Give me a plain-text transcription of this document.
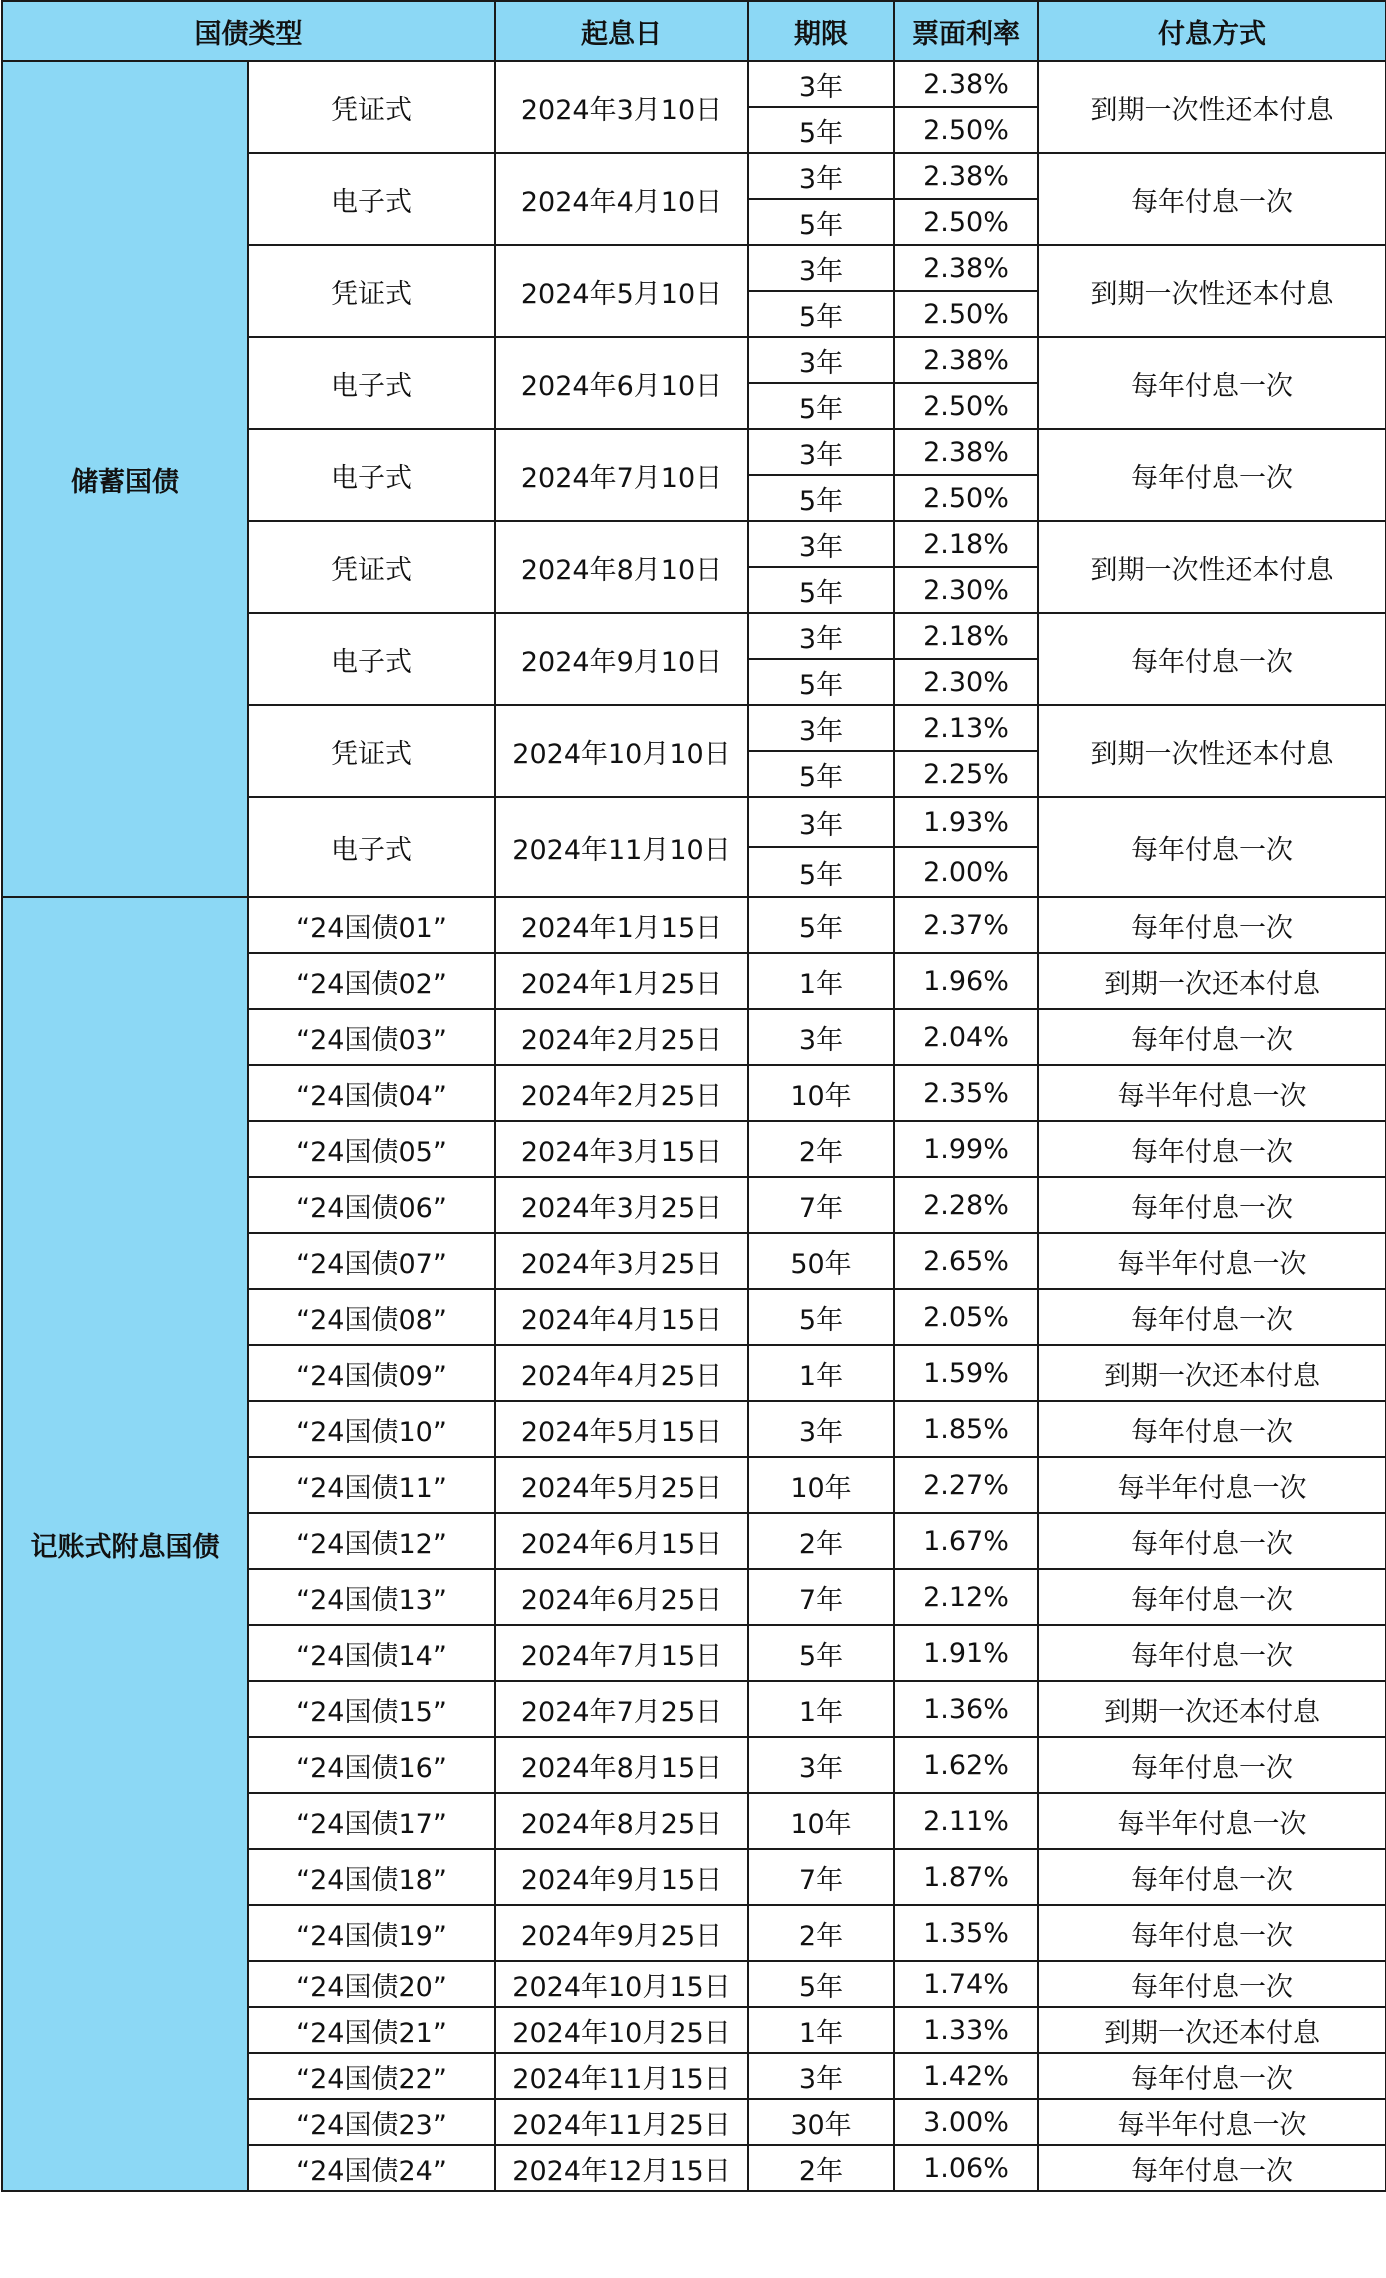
国债类型		起息日	期限	票面利率	付息方式
储蓄国债	凭证式	2024年3月10日	3年	2.38%	到期一次性还本付息
			5年	2.50%	
	电子式	2024年4月10日	3年	2.38%	每年付息一次
			5年	2.50%	
	凭证式	2024年5月10日	3年	2.38%	到期一次性还本付息
			5年	2.50%	
	电子式	2024年6月10日	3年	2.38%	每年付息一次
			5年	2.50%	
	电子式	2024年7月10日	3年	2.38%	每年付息一次
			5年	2.50%	
	凭证式	2024年8月10日	3年	2.18%	到期一次性还本付息
			5年	2.30%	
	电子式	2024年9月10日	3年	2.18%	每年付息一次
			5年	2.30%	
	凭证式	2024年10月10日	3年	2.13%	到期一次性还本付息
			5年	2.25%	
	电子式	2024年11月10日	3年	1.93%	每年付息一次
			5年	2.00%	
记账式附息国债	“24国债01”	2024年1月15日	5年	2.37%	每年付息一次
	“24国债02”	2024年1月25日	1年	1.96%	到期一次还本付息
	“24国债03”	2024年2月25日	3年	2.04%	每年付息一次
	“24国债04”	2024年2月25日	10年	2.35%	每半年付息一次
	“24国债05”	2024年3月15日	2年	1.99%	每年付息一次
	“24国债06”	2024年3月25日	7年	2.28%	每年付息一次
	“24国债07”	2024年3月25日	50年	2.65%	每半年付息一次
	“24国债08”	2024年4月15日	5年	2.05%	每年付息一次
	“24国债09”	2024年4月25日	1年	1.59%	到期一次还本付息
	“24国债10”	2024年5月15日	3年	1.85%	每年付息一次
	“24国债11”	2024年5月25日	10年	2.27%	每半年付息一次
	“24国债12”	2024年6月15日	2年	1.67%	每年付息一次
	“24国债13”	2024年6月25日	7年	2.12%	每年付息一次
	“24国债14”	2024年7月15日	5年	1.91%	每年付息一次
	“24国债15”	2024年7月25日	1年	1.36%	到期一次还本付息
	“24国债16”	2024年8月15日	3年	1.62%	每年付息一次
	“24国债17”	2024年8月25日	10年	2.11%	每半年付息一次
	“24国债18”	2024年9月15日	7年	1.87%	每年付息一次
	“24国债19”	2024年9月25日	2年	1.35%	每年付息一次
	“24国债20”	2024年10月15日	5年	1.74%	每年付息一次
	“24国债21”	2024年10月25日	1年	1.33%	到期一次还本付息
	“24国债22”	2024年11月15日	3年	1.42%	每年付息一次
	“24国债23”	2024年11月25日	30年	3.00%	每半年付息一次
	“24国债24”	2024年12月15日	2年	1.06%	每年付息一次
